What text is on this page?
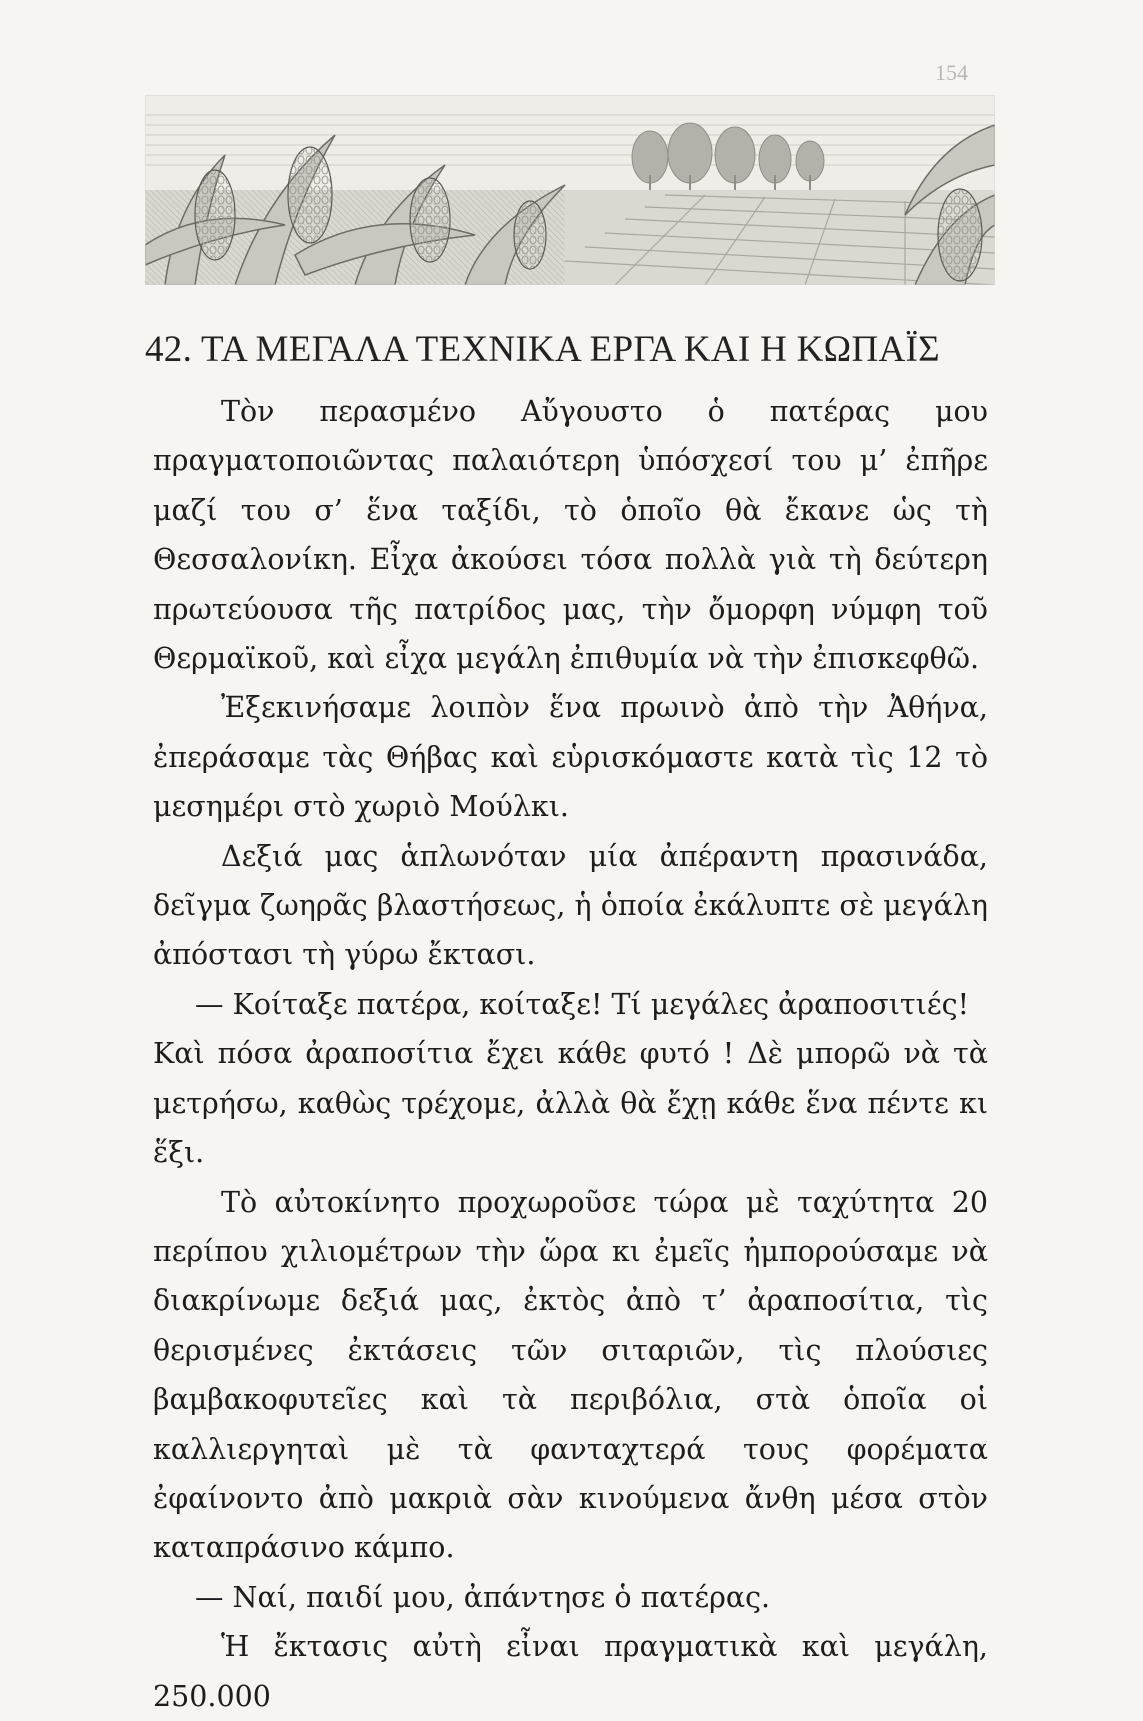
154
42. ΤΑ ΜΕΓΑΛΑ ΤΕΧΝΙΚΑ ΕΡΓΑ ΚΑΙ Η ΚΩΠΑΪΣ

Τὸν περασμένο Αὔγουστο ὁ πατέρας μου πραγματοποιῶντας παλαιότερη ὑπόσχεσί του μ’ ἐπῆρε μαζί του σ’ ἕνα ταξίδι, τὸ ὁποῖο θὰ ἔκανε ὡς τὴ Θεσσαλονίκη. Εἶχα ἀκούσει τόσα πολλὰ γιὰ τὴ δεύτερη πρωτεύουσα τῆς πατρίδος μας, τὴν ὄμορφη νύμφη τοῦ Θερμαϊκοῦ, καὶ εἶχα μεγάλη ἐπιθυμία νὰ τὴν ἐπισκεφθῶ.

Ἐξεκινήσαμε λοιπὸν ἕνα πρωινὸ ἀπὸ τὴν Ἀθήνα, ἐπεράσαμε τὰς Θήβας καὶ εὑρισκόμαστε κατὰ τὶς 12 τὸ μεσημέρι στὸ χωριὸ Μούλκι.

Δεξιά μας ἁπλωνόταν μία ἀπέραντη πρασινάδα, δεῖγμα ζωηρᾶς βλαστήσεως, ἡ ὁποία ἐκάλυπτε σὲ μεγάλη ἀπόστασι τὴ γύρω ἔκτασι.

— Κοίταξε πατέρα, κοίταξε! Τί μεγάλες ἀραποσιτιές!

Καὶ πόσα ἀραποσίτια ἔχει κάθε φυτό ! Δὲ μπορῶ νὰ τὰ μετρήσω, καθὼς τρέχομε, ἀλλὰ θὰ ἔχῃ κάθε ἕνα πέντε κι ἕξι.

Τὸ αὐτοκίνητο προχωροῦσε τώρα μὲ ταχύτητα 20 περίπου χιλιομέτρων τὴν ὥρα κι ἐμεῖς ἠμπορούσαμε νὰ διακρίνωμε δεξιά μας, ἐκτὸς ἀπὸ τ’ ἀραποσίτια, τὶς θερισμένες ἐκτάσεις τῶν σιταριῶν, τὶς πλούσιες βαμβακοφυτεῖες καὶ τὰ περιβόλια, στὰ ὁποῖα οἱ καλλιεργηταὶ μὲ τὰ φανταχτερά τους φορέματα ἐφαίνοντο ἀπὸ μακριὰ σὰν κινούμενα ἄνθη μέσα στὸν καταπράσινο κάμπο.

— Ναί, παιδί μου, ἀπάντησε ὁ πατέρας.

Ἡ ἔκτασις αὐτὴ εἶναι πραγματικὰ καὶ μεγάλη, 250.000
